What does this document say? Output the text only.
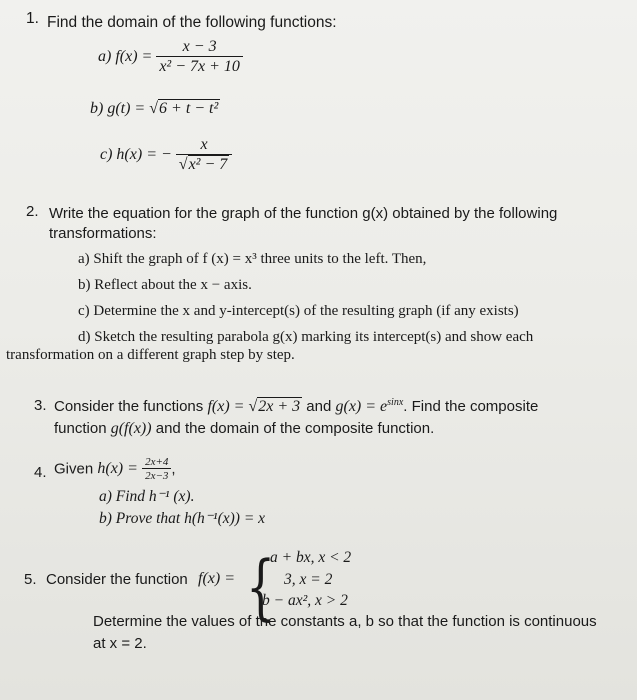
1. Find the domain of the following functions:
a) $f(x) = \frac{x - 3}{\text{x² − 7x + 10}}$
b) g(t) = √6 + t − t²
c) h(x) = − $\frac{x}{\text{√x² − 7}}$
2. Write the equation for the graph of the function g(x) obtained by the following
transformations:
a) Shift the graph of f (x) = x³ three units to the left. Then,
b) Reflect about the x − axis.
c) Determine the x and y-intercept(s) of the resulting graph (if any exists)
d) Sketch the resulting parabola g(x) marking its intercept(s) and show each
transformation on a different graph step by step.
3. Consider the functions f(x) = √2x + 3 and $g(x) = e^{sinx}$. Find the composite
function g(f(x)) and the domain of the composite function.
4. Given $h(x) = \frac{2x+4}{2x-3}$ ,
a) Find h⁻¹ (x).
b) Prove that h(h⁻¹(x)) = x
5. Consider the function f(x) = {
a + bx, x < 2
3, x = 2
b − ax², x > 2
Determine the values of the constants a, b so that the function is continuous
at x = 2.
